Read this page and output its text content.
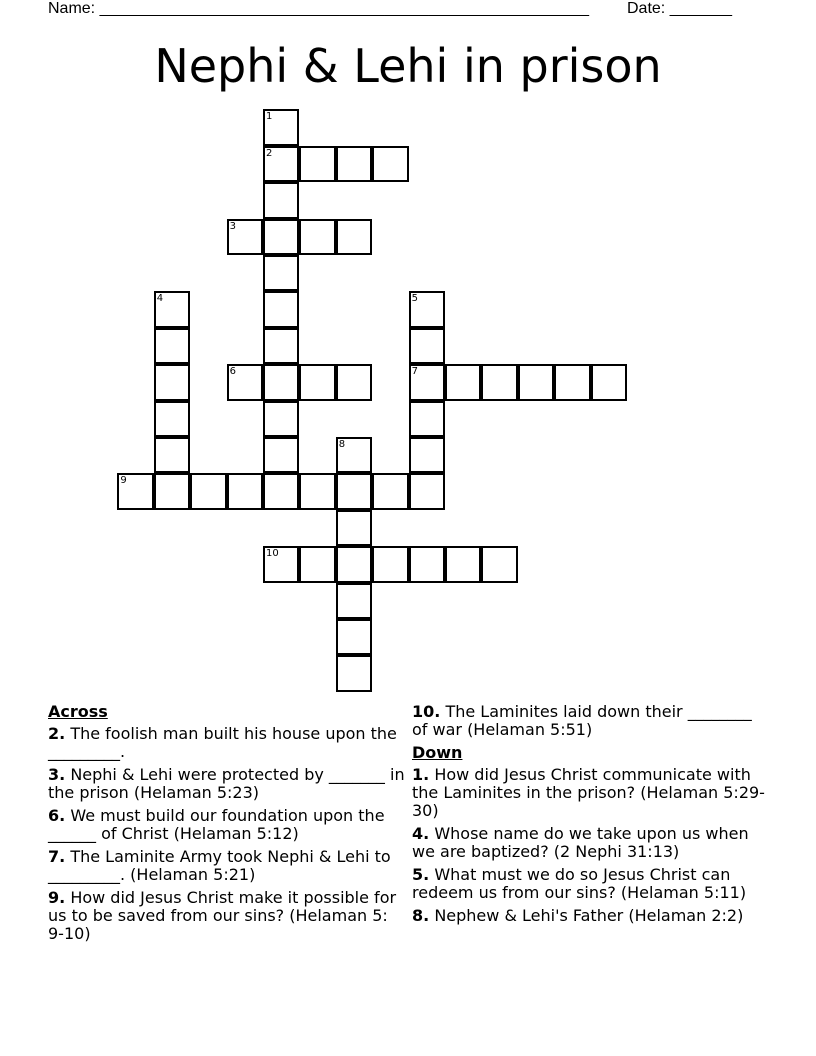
Name: _______________________________________________________ Date: _______
Nephi & Lehi in prison
1
2
3
4	5
7
6
8
9
10
Across
2. The foolish man built his house upon the _________.
3. Nephi & Lehi were protected by _______ in the prison (Helaman 5:23)
6. We must build our foundation upon the ______ of Christ (Helaman 5:12)
7. The Laminite Army took Nephi & Lehi to _________. (Helaman 5:21)
9. How did Jesus Christ make it possible for us to be saved from our sins? (Helaman 5: 9-10)
10. The Laminites laid down their ________ of war (Helaman 5:51)
Down
1. How did Jesus Christ communicate with the Laminites in the prison? (Helaman 5:29-30)
4. Whose name do we take upon us when we are baptized? (2 Nephi 31:13)
5. What must we do so Jesus Christ can redeem us from our sins? (Helaman 5:11)
8. Nephew & Lehi's Father (Helaman 2:2)
